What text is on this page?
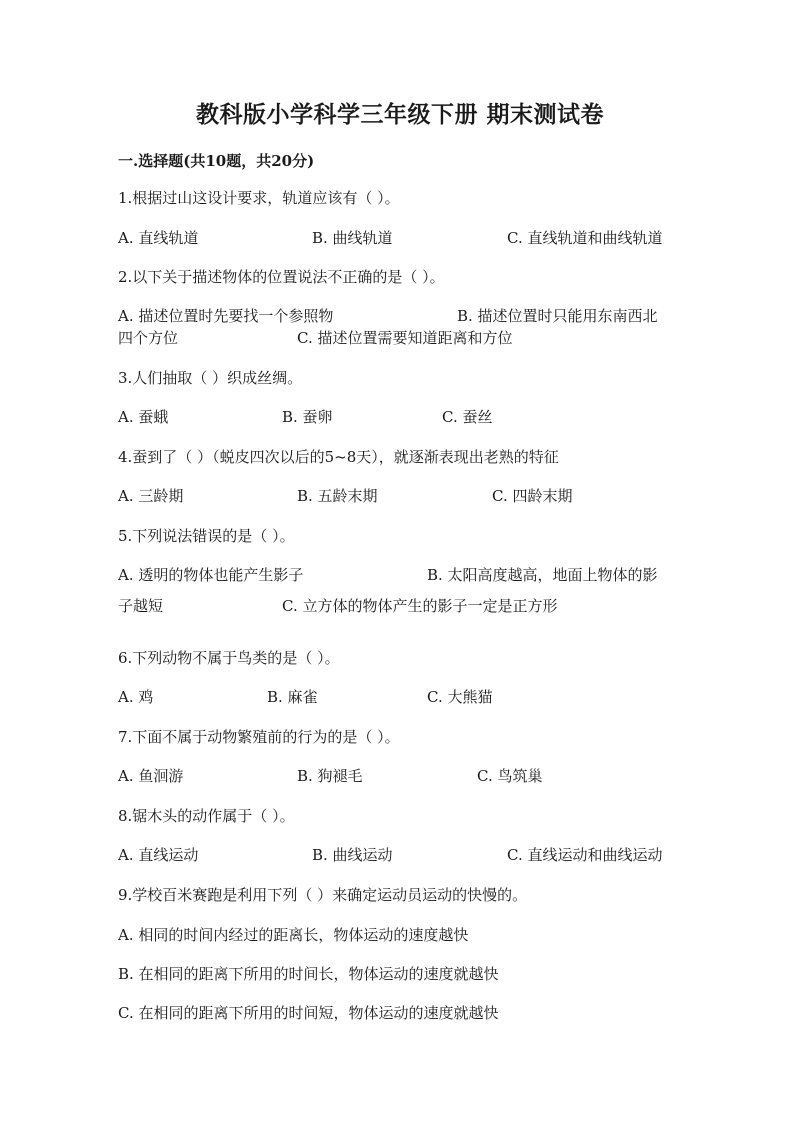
教科版小学科学三年级下册 期末测试卷
一.选择题(共10题，共20分)
1.根据过山这设计要求，轨道应该有（ ）。
A. 直线轨道	B. 曲线轨道	C. 直线轨道和曲线轨道
2.以下关于描述物体的位置说法不正确的是（ ）。
A. 描述位置时先要找一个参照物	B. 描述位置时只能用东南西北
四个方位	C. 描述位置需要知道距离和方位
3.人们抽取（ ）织成丝绸。
A. 蚕蛾	B. 蚕卵	C. 蚕丝
4.蚕到了（ ）（蜕皮四次以后的5~8天），就逐渐表现出老熟的特征
A. 三龄期	B. 五龄末期	C. 四龄末期
5.下列说法错误的是（ ）。
A. 透明的物体也能产生影子	B. 太阳高度越高，地面上物体的影
子越短	C. 立方体的物体产生的影子一定是正方形
6.下列动物不属于鸟类的是（ ）。
A. 鸡	B. 麻雀	C. 大熊猫
7.下面不属于动物繁殖前的行为的是（ ）。
A. 鱼洄游	B. 狗褪毛	C. 鸟筑巢
8.锯木头的动作属于（ ）。
A. 直线运动	B. 曲线运动	C. 直线运动和曲线运动
9.学校百米赛跑是利用下列（ ）来确定运动员运动的快慢的。
A. 相同的时间内经过的距离长，物体运动的速度越快
B. 在相同的距离下所用的时间长，物体运动的速度就越快
C. 在相同的距离下所用的时间短，物体运动的速度就越快
